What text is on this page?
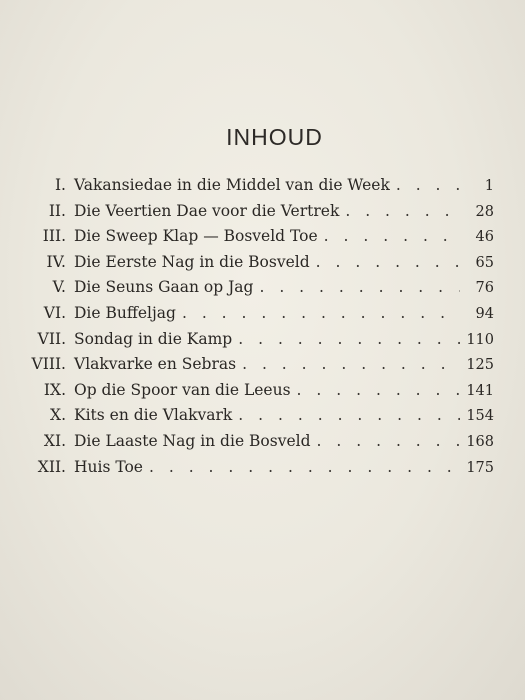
INHOUD
I. Vakansiedae in die Middel van die Week . . .	1
II. Die Veertien Dae voor die Vertrek . . .	28
III. Die Sweep Klap — Bosveld Toe . . .	46
IV. Die Eerste Nag in die Bosveld . . .	65
V. Die Seuns Gaan op Jag . . .	76
VI. Die Buffeljag . . .	94
VII. Sondag in die Kamp . . .	110
VIII. Vlakvarke en Sebras . . .	125
IX. Op die Spoor van die Leeus . . .	141
X. Kits en die Vlakvark . . .	154
XI. Die Laaste Nag in die Bosveld . . .	168
XII. Huis Toe . . .	175
